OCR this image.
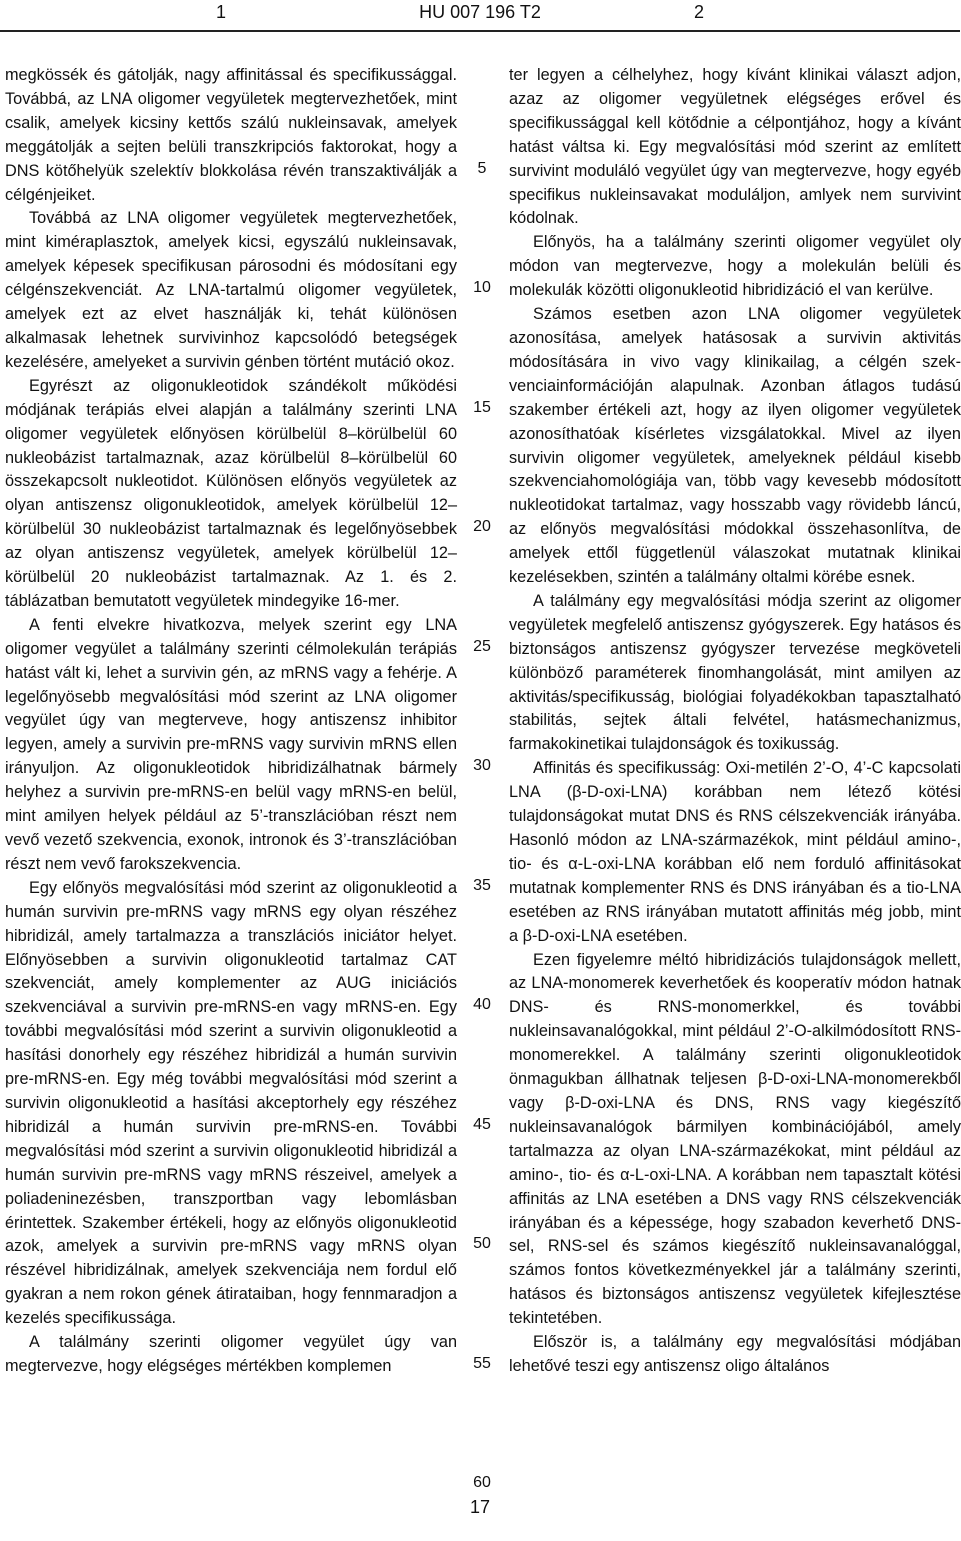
1	HU 007 196 T2	2

megkössék és gátolják, nagy affinitással és specifikussággal. Továbbá, az LNA oligomer vegyületek megtervezhetőek, mint csalik, amelyek kicsiny kettős szálú nukleinsavak, amelyek meggátolják a sejten belüli transzkripciós faktorokat, hogy a DNS kötőhelyük szelektív blokkolása révén transzaktiválják a célgénjeiket.

Továbbá az LNA oligomer vegyületek megtervezhetőek, mint kiméraplasztok, amelyek kicsi, egyszálú nukleinsavak, amelyek képesek specifikusan párosodni és módosítani egy célgénszekvenciát. Az LNA-tartalmú oligomer vegyületek, amelyek ezt az elvet használják ki, tehát különösen alkalmasak lehetnek survivinhoz kapcsolódó betegségek kezelésére, amelyeket a survivin génben történt mutáció okoz.

Egyrészt az oligonukleotidok szándékolt működési módjának terápiás elvei alapján a találmány szerinti LNA oligomer vegyületek előnyösen körülbelül 8–körülbelül 60 nukleobázist tartalmaznak, azaz körülbelül 8–körülbelül 60 összekapcsolt nukleotidot. Különösen előnyös vegyületek az olyan antiszensz oligonukleotidok, amelyek körülbelül 12–körülbelül 30 nukleobázist tartalmaznak és legelőnyösebbek az olyan antiszensz vegyületek, amelyek körülbelül 12–körülbelül 20 nukleobázist tartalmaznak. Az 1. és 2. táblázatban bemutatott vegyületek mindegyike 16-mer.

A fenti elvekre hivatkozva, melyek szerint egy LNA oligomer vegyület a találmány szerinti célmolekulán terápiás hatást vált ki, lehet a survivin gén, az mRNS vagy a fehérje. A legelőnyösebb megvalósítási mód szerint az LNA oligomer vegyület úgy van megterveve, hogy antiszensz inhibitor legyen, amely a survivin pre-mRNS vagy survivin mRNS ellen irányuljon. Az oligonukleotidok hibridizálhatnak bármely helyhez a survivin pre-mRNS-en belül vagy mRNS-en belül, mint amilyen helyek például az 5’-transzlációban részt nem vevő vezető szekvencia, exonok, intronok és 3’-transzlációban részt nem vevő farokszekvencia.

Egy előnyös megvalósítási mód szerint az oligonukleotid a humán survivin pre-mRNS vagy mRNS egy olyan részéhez hibridizál, amely tartalmazza a transzlációs iniciátor helyet. Előnyösebben a survivin oligonukleotid tartalmaz CAT szekvenciát, amely komplementer az AUG iniciációs szekvenciával a survivin pre-mRNS-en vagy mRNS-en. Egy további megvalósítási mód szerint a survivin oligonukleotid a hasítási donorhely egy részéhez hibridizál a humán survivin pre-mRNS-en. Egy még további megvalósítási mód szerint a survivin oligonukleotid a hasítási akceptorhely egy részéhez hibridizál a humán survivin pre-mRNS-en. További megvalósítási mód szerint a survivin oligonukleotid hibridizál a humán survivin pre-mRNS vagy mRNS részeivel, amelyek a poliadeninezésben, transzportban vagy lebomlásban érintettek. Szakember értékeli, hogy az előnyös oligonukleotid azok, amelyek a survivin pre-mRNS vagy mRNS olyan részével hibridizálnak, amelyek szekvenciája nem fordul elő gyakran a nem rokon gének átirataiban, hogy fennmaradjon a kezelés specifikussága.

A találmány szerinti oligomer vegyület úgy van megtervezve, hogy elégséges mértékben komplemen

5
10
15
20
25
30
35
40
45
50
55
60

ter legyen a célhelyhez, hogy kívánt klinikai választ adjon, azaz az oligomer vegyületnek elégséges erővel és specifikussággal kell kötődnie a célpontjához, hogy a kívánt hatást váltsa ki. Egy megvalósítási mód szerint az említett survivint moduláló vegyület úgy van megtervezve, hogy egyéb specifikus nukleinsavakat moduláljon, amlyek nem survivint kódolnak.

Előnyös, ha a találmány szerinti oligomer vegyület oly módon van megtervezve, hogy a molekulán belüli és molekulák közötti oligonukleotid hibridizáció el van kerülve.

Számos esetben azon LNA oligomer vegyületek azonosítása, amelyek hatásosak a survivin aktivitás módosítására in vivo vagy klinikailag, a célgén szekvenciainformációján alapulnak. Azonban átlagos tudású szakember értékeli azt, hogy az ilyen oligomer vegyületek azonosíthatóak kísérletes vizsgálatokkal. Mivel az ilyen survivin oligomer vegyületek, amelyeknek például kisebb szekvenciahomológiája van, több vagy kevesebb módosított nukleotidokat tartalmaz, vagy hosszabb vagy rövidebb láncú, az előnyös megvalósítási módokkal összehasonlítva, de amelyek ettől függetlenül válaszokat mutatnak klinikai kezelésekben, szintén a találmány oltalmi körébe esnek.

A találmány egy megvalósítási módja szerint az oligomer vegyületek megfelelő antiszensz gyógyszerek. Egy hatásos és biztonságos antiszensz gyógyszer tervezése megköveteli különböző paraméterek finomhangolását, mint amilyen az aktivitás/specifikusság, biológiai folyadékokban tapasztalható stabilitás, sejtek általi felvétel, hatásmechanizmus, farmakokinetikai tulajdonságok és toxikusság.

Affinitás és specifikusság: Oxi-metilén 2’-O, 4’-C kapcsolati LNA (β-D-oxi-LNA) korábban nem létező kötési tulajdonságokat mutat DNS és RNS célszekvenciák irányába. Hasonló módon az LNA-származékok, mint például amino-, tio- és α-L-oxi-LNA korábban elő nem forduló affinitásokat mutatnak komplementer RNS és DNS irányában és a tio-LNA esetében az RNS irányában mutatott affinitás még jobb, mint a β-D-oxi-LNA esetében.

Ezen figyelemre méltó hibridizációs tulajdonságok mellett, az LNA-monomerek keverhetőek és kooperatív módon hatnak DNS- és RNS-monomerkkel, és további nukleinsavanalógokkal, mint például 2’-O-alkilmódosított RNS-monomerekkel. A találmány szerinti oligonukleotidok önmagukban állhatnak teljesen β-D-oxi-LNA-monomerekből vagy β-D-oxi-LNA és DNS, RNS vagy kiegészítő nukleinsavanalógok bármilyen kombinációjából, amely tartalmazza az olyan LNA-származékokat, mint például az amino-, tio- és α-L-oxi-LNA. A korábban nem tapasztalt kötési affinitás az LNA esetében a DNS vagy RNS célszekvenciák irányában és a képessége, hogy szabadon keverhető DNS-sel, RNS-sel és számos kiegészítő nukleinsavanalóggal, számos fontos következményekkel jár a találmány szerinti, hatásos és biztonságos antiszensz vegyületek kifejlesztése tekintetében.

Először is, a találmány egy megvalósítási módjában lehetővé teszi egy antiszensz oligo általános

17
